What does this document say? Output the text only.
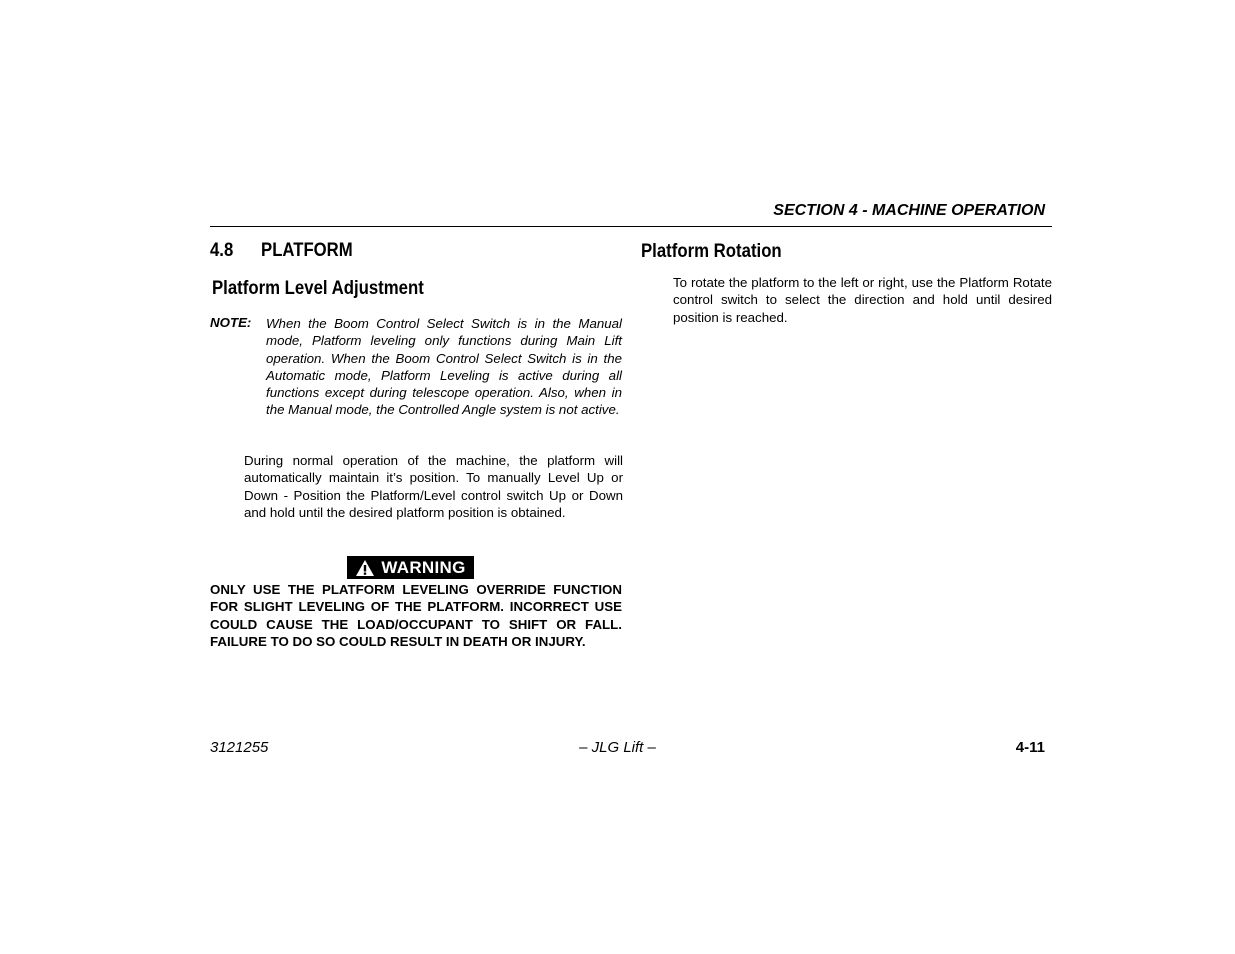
SECTION 4 - MACHINE OPERATION
4.8 PLATFORM
Platform Level Adjustment
NOTE: When the Boom Control Select Switch is in the Manual mode, Platform leveling only functions during Main Lift operation. When the Boom Control Select Switch is in the Automatic mode, Platform Leveling is active during all functions except during telescope operation. Also, when in the Manual mode, the Controlled Angle system is not active.
During normal operation of the machine, the platform will automatically maintain it’s position. To manually Level Up or Down - Position the Platform/Level control switch Up or Down and hold until the desired platform position is obtained.
WARNING
ONLY USE THE PLATFORM LEVELING OVERRIDE FUNCTION FOR SLIGHT LEVELING OF THE PLATFORM. INCORRECT USE COULD CAUSE THE LOAD/OCCUPANT TO SHIFT OR FALL. FAILURE TO DO SO COULD RESULT IN DEATH OR INJURY.
Platform Rotation
To rotate the platform to the left or right, use the Platform Rotate control switch to select the direction and hold until desired position is reached.
3121255	– JLG Lift –	4-11
